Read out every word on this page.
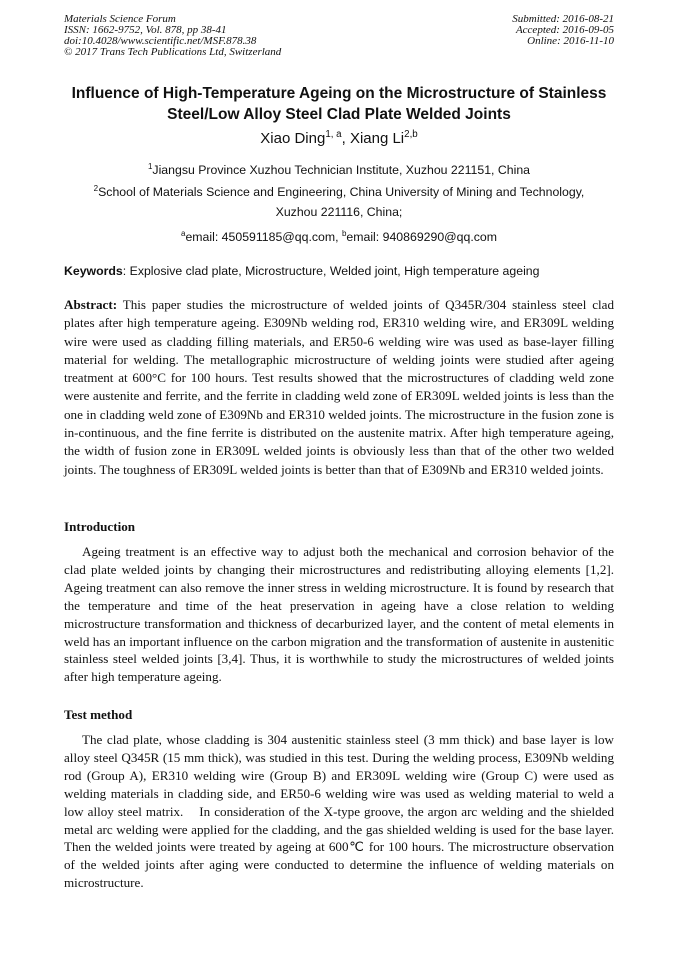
Materials Science Forum
ISSN: 1662-9752, Vol. 878, pp 38-41
doi:10.4028/www.scientific.net/MSF.878.38
© 2017 Trans Tech Publications Ltd, Switzerland
Submitted: 2016-08-21
Accepted: 2016-09-05
Online: 2016-11-10
Influence of High-Temperature Ageing on the Microstructure of Stainless Steel/Low Alloy Steel Clad Plate Welded Joints
Xiao Ding$^{1, a}$, Xiang Li$^{2,b}$
$^1$Jiangsu Province Xuzhou Technician Institute, Xuzhou 221151, China
$^2$School of Materials Science and Engineering, China University of Mining and Technology,
Xuzhou 221116, China;
$^a$email: 450591185@qq.com, $^b$email: 940869290@qq.com
Keywords: Explosive clad plate, Microstructure, Welded joint, High temperature ageing

Abstract: This paper studies the microstructure of welded joints of Q345R/304 stainless steel clad plates after high temperature ageing. E309Nb welding rod, ER310 welding wire, and ER309L welding wire were used as cladding filling materials, and ER50-6 welding wire was used as base-layer filling material for welding. The metallographic microstructure of welding joints were studied after ageing treatment at 600°C for 100 hours. Test results showed that the microstructures of cladding weld zone were austenite and ferrite, and the ferrite in cladding weld zone of ER309L welded joints is less than the one in cladding weld zone of E309Nb and ER310 welded joints. The microstructure in the fusion zone is in-continuous, and the fine ferrite is distributed on the austenite matrix. After high temperature ageing, the width of fusion zone in ER309L welded joints is obviously less than that of the other two welded joints. The toughness of ER309L welded joints is better than that of E309Nb and ER310 welded joints.

Introduction

Ageing treatment is an effective way to adjust both the mechanical and corrosion behavior of the clad plate welded joints by changing their microstructures and redistributing alloying elements [1,2]. Ageing treatment can also remove the inner stress in welding microstructure. It is found by research that the temperature and time of the heat preservation in ageing have a close relation to welding microstructure transformation and thickness of decarburized layer, and the content of metal elements in weld has an important influence on the carbon migration and the transformation of austenite in austenitic stainless steel welded joints [3,4]. Thus, it is worthwhile to study the microstructures of welded joints after high temperature ageing.

Test method

The clad plate, whose cladding is 304 austenitic stainless steel (3 mm thick) and base layer is low alloy steel Q345R (15 mm thick), was studied in this test. During the welding process, E309Nb welding rod (Group A), ER310 welding wire (Group B) and ER309L welding wire (Group C) were used as welding materials in cladding side, and ER50-6 welding wire was used as welding material to weld a low alloy steel matrix.    In consideration of the X-type groove, the argon arc welding and the shielded metal arc welding were applied for the cladding, and the gas shielded welding is used for the base layer. Then the welded joints were treated by ageing at 600℃ for 100 hours. The microstructure observation of the welded joints after aging were conducted to determine the influence of welding materials on microstructure.
